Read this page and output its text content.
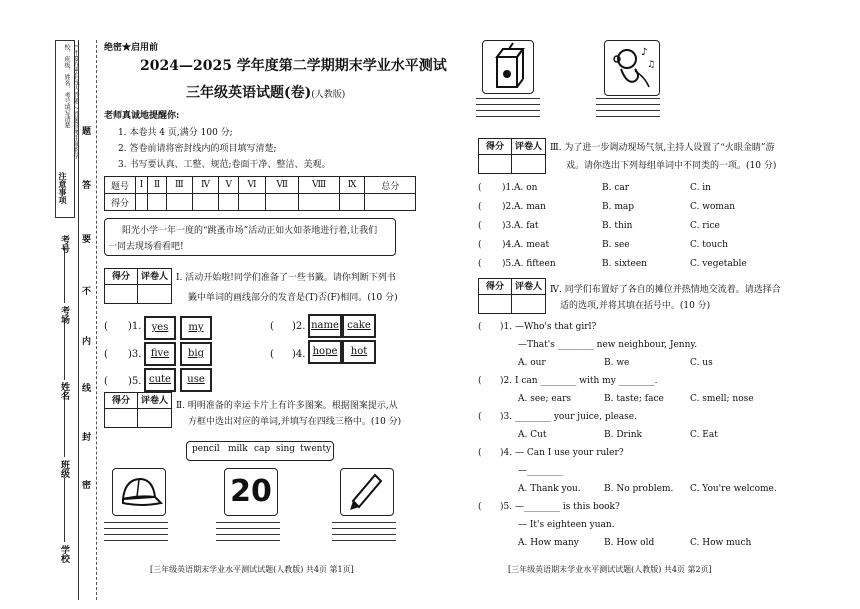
注意事项
1.不要在密封线内答题 2.答题前考生须将学校、班级、姓名、考号填写清楚
学校
班级
姓名
考场
考号
题
答
要
不
内
线
封
密
绝密★启用前
2024—2025 学年度第二学期期末学业水平测试
三年级英语试题(卷)(人教版)
老师真诚地提醒你:
1. 本卷共 4 页,满分 100 分;
2. 答卷前请将密封线内的项目填写清楚;
3. 书写要认真、工整、规范;卷面干净、整洁、美观。
题号	Ⅰ	Ⅱ	Ⅲ	Ⅳ	Ⅴ	Ⅵ	Ⅶ	Ⅷ	Ⅸ	总分
得分										
阳光小学一年一度的“跳蚤市场”活动正如火如荼地进行着,让我们
一同去现场看看吧!
得分	评卷人 Ⅰ. 活动开始啦!同学们准备了一些书籤。请你判断下列书
籤中单词的画线部分的发音是(T)否(F)相同。(10 分)
( )1.	yes	my	( )2. name cake
( )3. five	big	( )4. hope	hot
( )5. cute	use
得分	评卷人 Ⅱ. 明明准备的幸运卡片上有许多图案。根据图案提示,从
方框中选出对应的单词,并填写在四线三格中。(10 分)
pencil milk cap sing twenty
20
[三年级英语期末学业水平测试试题(人教版) 共4页 第1页]
♪
♫
得分	评卷人 Ⅲ. 为了进一步调动现场气氛,主持人设置了“火眼金睛”游
戏。请你选出下列每组单词中不同类的一项。(10 分)
( )1. A. on	B. car	C. in
( )2. A. man	B. map	C. woman
( )3. A. fat	B. thin	C. rice
( )4. A. meat	B. see	C. touch
( )5. A. fifteen	B. sixteen	C. vegetable
得分	评卷人 Ⅳ. 同学们布置好了各自的摊位并热情地交流着。请选择合
适的选项,并将其填在括号中。(10 分)
( )1. —Who's that girl?
—That's ________ new neighbour, Jenny.
A. our	B. we	C. us
( )2. I can ________ with my ________.
A. see; ears	B. taste; face	C. smell; nose
( )3. ________ your juice, please.
A. Cut	B. Drink	C. Eat
( )4. — Can I use your ruler?
—________
A. Thank you.	B. No problem. C. You're welcome.
( )5. —________ is this book?
— It's eighteen yuan.
A. How many	B. How old	C. How much
[三年级英语期末学业水平测试试题(人教版) 共4页 第2页]
